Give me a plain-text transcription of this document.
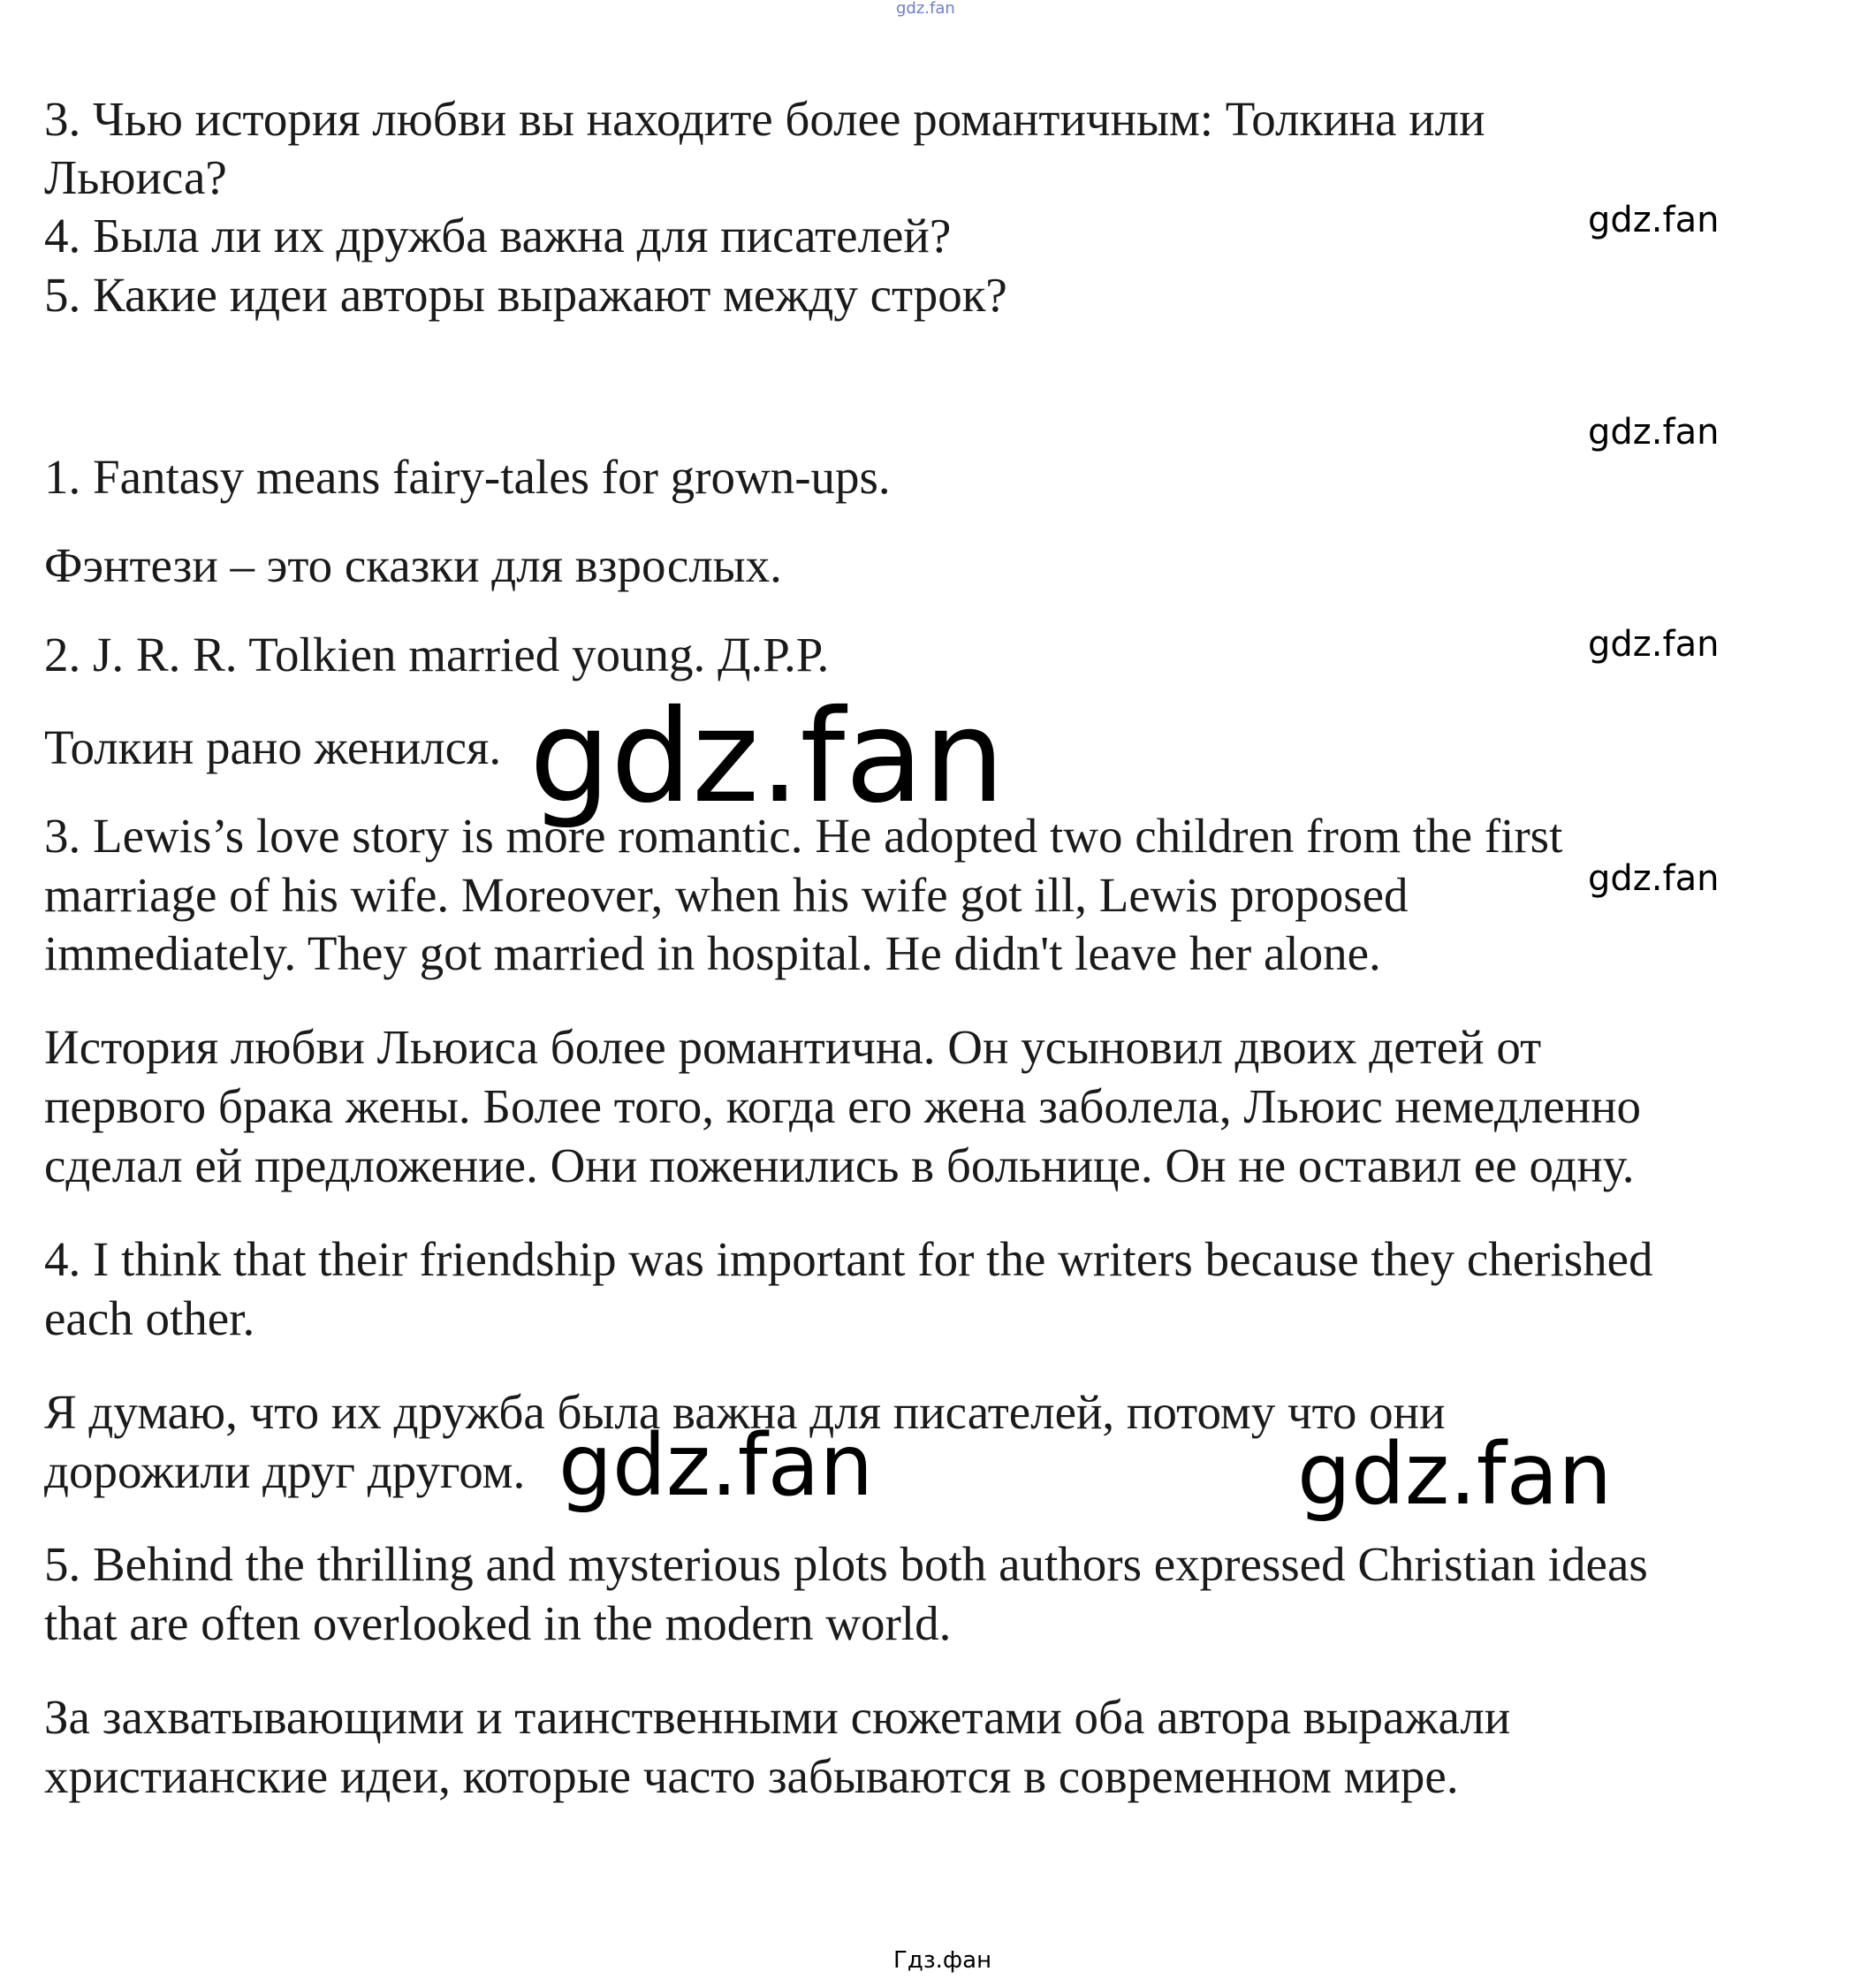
gdz.fan

3. Чью история любви вы находите более романтичным: Толкина или

Льюиса?

4. Была ли их дружба важна для писателей?

5. Какие идеи авторы выражают между строк?

1. Fantasy means fairy-tales for grown-ups.

Фэнтези – это сказки для взрослых.

2. J. R. R. Tolkien married young. Д.Р.Р.

Толкин рано женился.

3. Lewis’s love story is more romantic. He adopted two children from the first

marriage of his wife. Moreover, when his wife got ill, Lewis proposed

immediately. They got married in hospital. He didn't leave her alone.

История любви Льюиса более романтична. Он усыновил двоих детей от

первого брака жены. Более того, когда его жена заболела, Льюис немедленно

сделал ей предложение. Они поженились в больнице. Он не оставил ее одну.

4. I think that their friendship was important for the writers because they cherished

each other.

Я думаю, что их дружба была важна для писателей, потому что они

дорожили друг другом.

5. Behind the thrilling and mysterious plots both authors expressed Christian ideas

that are often overlooked in the modern world.

За захватывающими и таинственными сюжетами оба автора выражали

христианские идеи, которые часто забываются в современном мире.

gdz.fan
gdz.fan
gdz.fan
gdz.fan
gdz.fan
gdz.fan	gdz.fan
Гдз.фан
